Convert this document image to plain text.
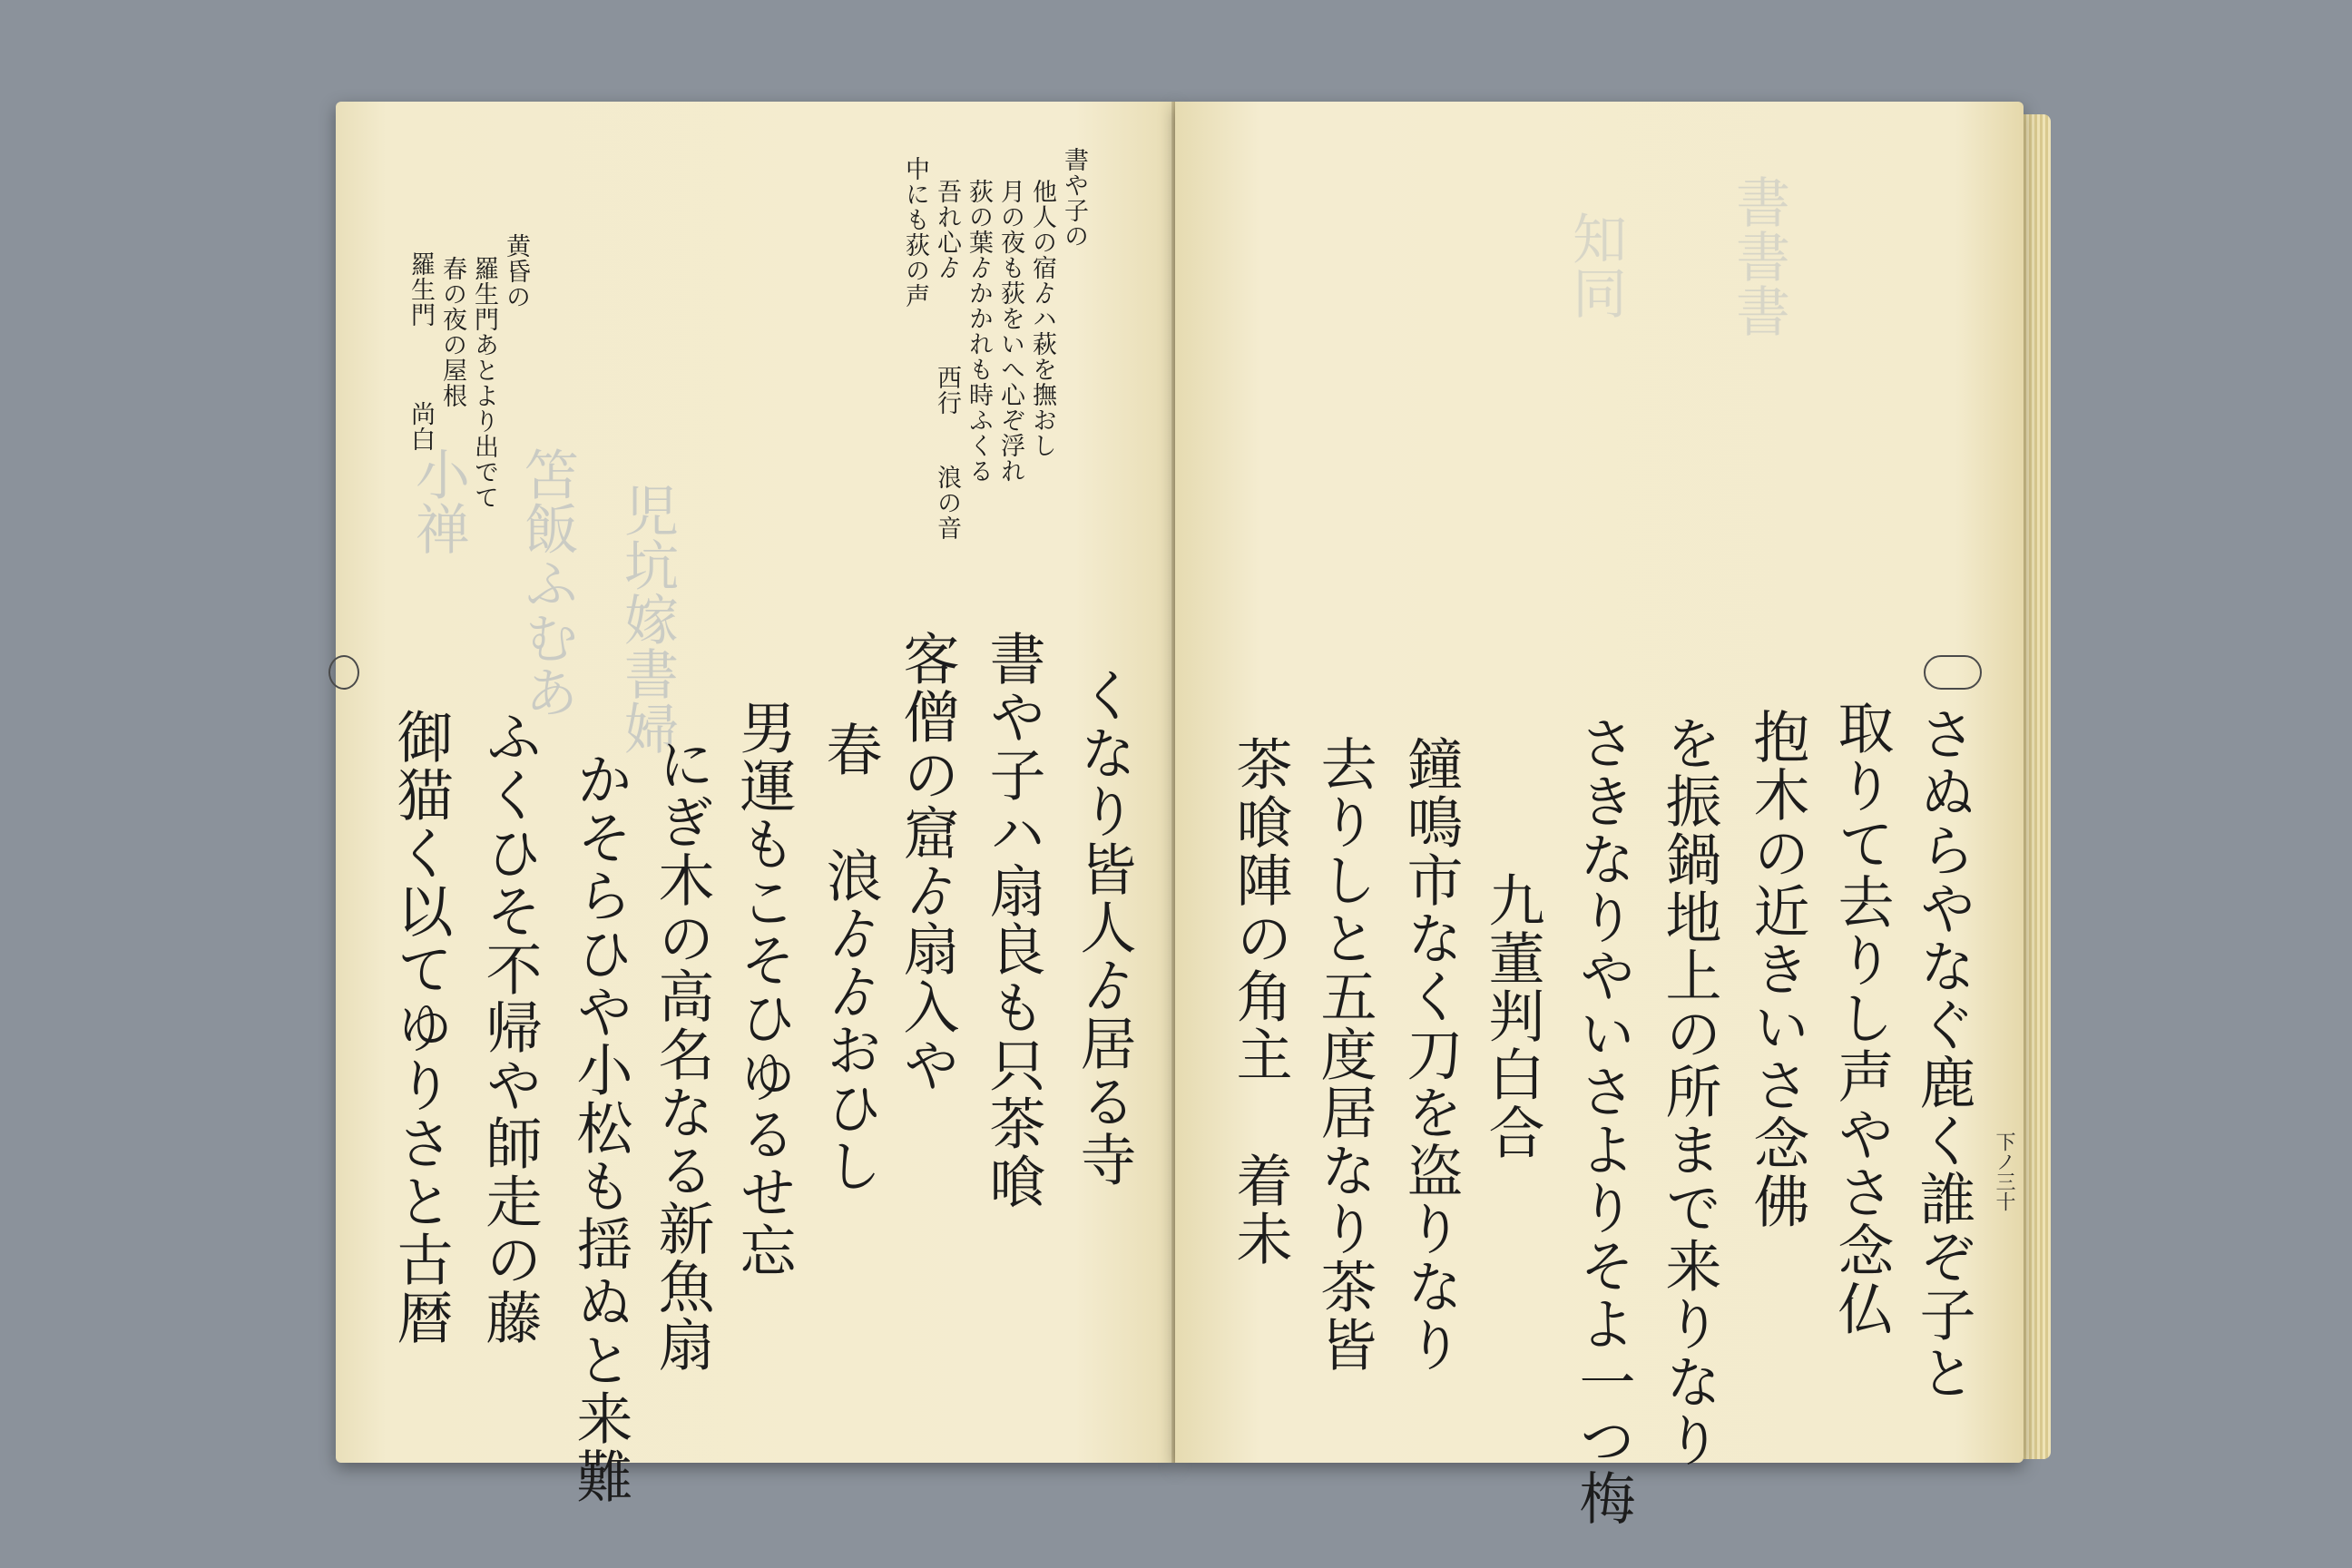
児坑嫁書婦
笘飯ふむあ
小禅
書や子の
他人の宿ゟハ萩を撫おし
月の夜も荻をいへ心ぞ浮れ
荻の葉ゟかかれも時ふくる
吾れ心ゟ
西行
浪の音
中にも荻の声
黄昏の
羅生門あとより出でて
春の夜の屋根
羅生門
尚白
くなり皆人ゟ居る寺
書や子ハ扇良も只茶喰
客僧の窟ゟ扇入や
春 浪ゟゟおひし
男運もこそひゆるせ忘
にぎ木の高名なる新魚扇
かそらひや小松も揺ぬと来難
ふくひそ不帰や師走の藤
御猫く以てゆりさと古暦
書書書
知同
さぬらやなぐ鹿く誰ぞ子と
取りて去りし声やさ念仏
抱木の近きいさ念佛
を振鍋地上の所まで来りなり
さきなりやいさよりそよ一つ梅
九董判白合
鐘鳴市なく刀を盗りなり
去りしと五度居なり茶皆
茶喰陣の角主 着未	下ノ三十
